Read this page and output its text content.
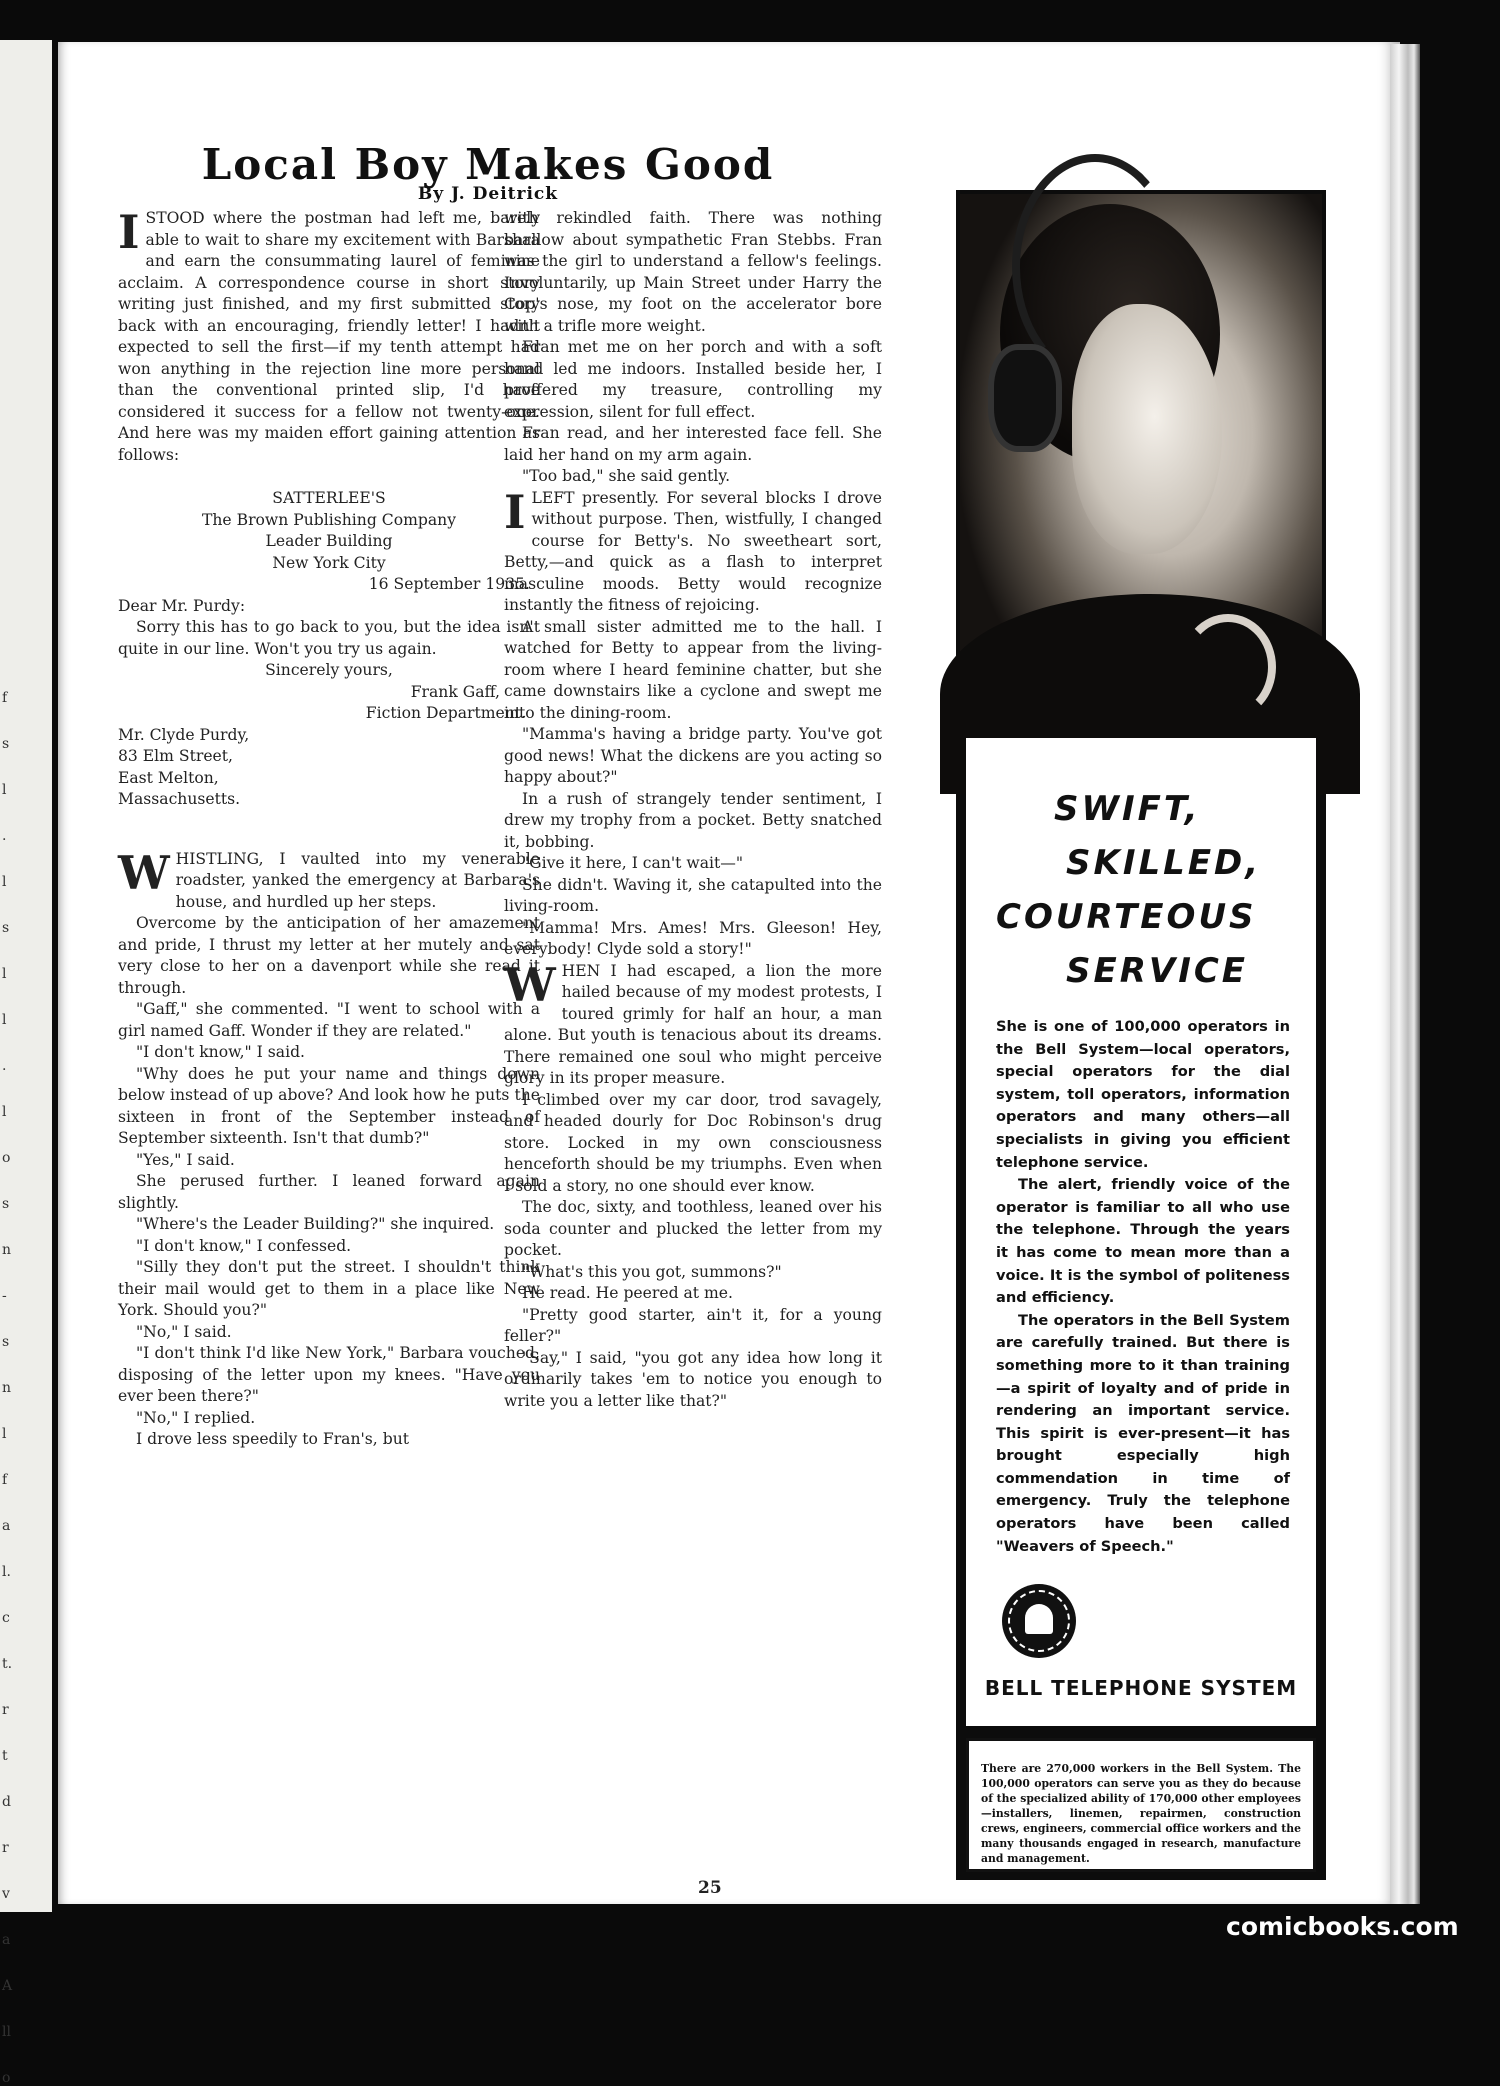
f
s
l
.
l
s
l
l
.
l
o
s
n
-
s
n
l
f
a
l.
c
t.
r
t
d
r
v
a
A
ll
o
Local Boy Makes Good
By J. Deitrick

ISTOOD where the postman had left me, barely able to wait to share my excitement with Barbara and earn the consummating laurel of feminine acclaim. A correspondence course in short story writing just finished, and my first submitted story back with an encouraging, friendly letter! I hadn't expected to sell the first—if my tenth attempt had won anything in the rejection line more personal than the conventional printed slip, I'd have considered it success for a fellow not twenty-one. And here was my maiden effort gaining attention as follows:

SATTERLEE'S
The Brown Publishing Company
Leader Building
New York City
16 September 1935.
Dear Mr. Purdy:
Sorry this has to go back to you, but the idea isn't quite in our line. Won't you try us again.
Sincerely yours,
Frank Gaff,
Fiction Department.
Mr. Clyde Purdy,
83 Elm Street,
East Melton,
Massachusetts.

WHISTLING, I vaulted into my venerable roadster, yanked the emergency at Barbara's house, and hurdled up her steps.

Overcome by the anticipation of her amazement and pride, I thrust my letter at her mutely and sat very close to her on a davenport while she read it through.

"Gaff," she commented. "I went to school with a girl named Gaff. Wonder if they are related."

"I don't know," I said.

"Why does he put your name and things down below instead of up above? And look how he puts the sixteen in front of the September instead of September sixteenth. Isn't that dumb?"

"Yes," I said.

She perused further. I leaned forward again slightly.

"Where's the Leader Building?" she inquired.

"I don't know," I confessed.

"Silly they don't put the street. I shouldn't think their mail would get to them in a place like New York. Should you?"

"No," I said.

"I don't think I'd like New York," Barbara vouched, disposing of the letter upon my knees. "Have you ever been there?"

"No," I replied.

I drove less speedily to Fran's, but

with rekindled faith. There was nothing shallow about sympathetic Fran Stebbs. Fran was the girl to understand a fellow's feelings. Involuntarily, up Main Street under Harry the Cop's nose, my foot on the accelerator bore with a trifle more weight.

Fran met me on her porch and with a soft hand led me indoors. Installed beside her, I proffered my treasure, controlling my expression, silent for full effect.

Fran read, and her interested face fell. She laid her hand on my arm again.

"Too bad," she said gently.

ILEFT presently. For several blocks I drove without purpose. Then, wistfully, I changed course for Betty's. No sweetheart sort, Betty,—and quick as a flash to interpret masculine moods. Betty would recognize instantly the fitness of rejoicing.

A small sister admitted me to the hall. I watched for Betty to appear from the living-room where I heard feminine chatter, but she came downstairs like a cyclone and swept me into the dining-room.

"Mamma's having a bridge party. You've got good news! What the dickens are you acting so happy about?"

In a rush of strangely tender sentiment, I drew my trophy from a pocket. Betty snatched it, bobbing.

"Give it here, I can't wait—"

She didn't. Waving it, she catapulted into the living-room.

"Mamma! Mrs. Ames! Mrs. Gleeson! Hey, everybody! Clyde sold a story!"

WHEN I had escaped, a lion the more hailed because of my modest protests, I toured grimly for half an hour, a man alone. But youth is tenacious about its dreams. There remained one soul who might perceive glory in its proper measure.

I climbed over my car door, trod savagely, and headed dourly for Doc Robinson's drug store. Locked in my own consciousness henceforth should be my triumphs. Even when I sold a story, no one should ever know.

The doc, sixty, and toothless, leaned over his soda counter and plucked the letter from my pocket.

"What's this you got, summons?"

He read. He peered at me.

"Pretty good starter, ain't it, for a young feller?"

"Say," I said, "you got any idea how long it ordinarily takes 'em to notice you enough to write you a letter like that?"

25
SWIFT,
SKILLED,
COURTEOUS
SERVICE

She is one of 100,000 operators in the Bell System—local operators, special operators for the dial system, toll operators, information operators and many others—all specialists in giving you efficient telephone service.

The alert, friendly voice of the operator is familiar to all who use the telephone. Through the years it has come to mean more than a voice. It is the symbol of politeness and efficiency.

The operators in the Bell System are carefully trained. But there is something more to it than training—a spirit of loyalty and of pride in rendering an important service. This spirit is ever-present—it has brought especially high commendation in time of emergency. Truly the telephone operators have been called "Weavers of Speech."

BELL TELEPHONE SYSTEM
There are 270,000 workers in the Bell System. The 100,000 operators can serve you as they do because of the specialized ability of 170,000 other employees—installers, linemen, repairmen, construction crews, engineers, commercial office workers and the many thousands engaged in research, manufacture and management.
comicbooks.com
